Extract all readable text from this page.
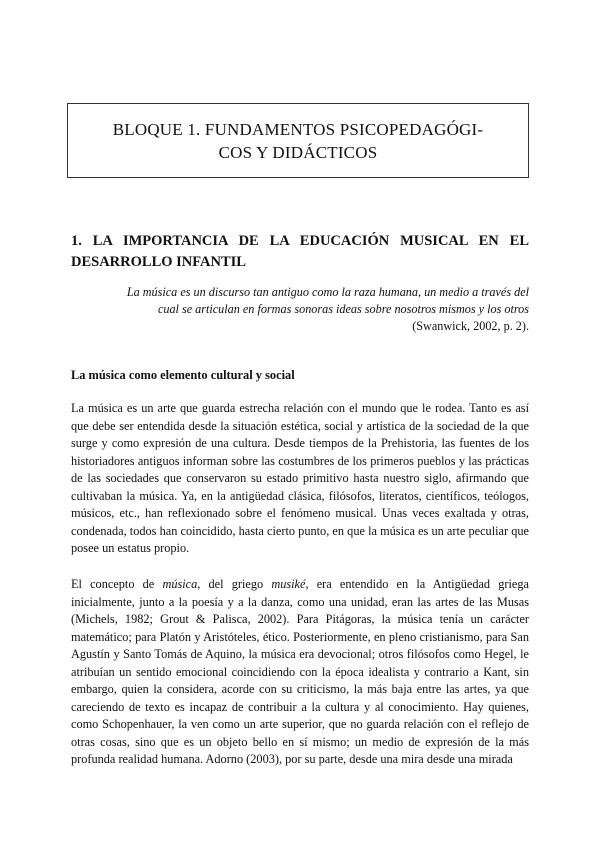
BLOQUE 1. FUNDAMENTOS PSICOPEDAGÓGI-
COS Y DIDÁCTICOS
1. LA IMPORTANCIA DE LA EDUCACIÓN MUSICAL EN EL
DESARROLLO INFANTIL

La música es un discurso tan antiguo como la raza humana, un medio a través del
cual se articulan en formas sonoras ideas sobre nosotros mismos y los otros
(Swanwick, 2002, p. 2).

La música como elemento cultural y social

La música es un arte que guarda estrecha relación con el mundo que le rodea. Tanto es así que debe ser entendida desde la situación estética, social y artística de la sociedad de la que surge y como expresión de una cultura. Desde tiempos de la Prehistoria, las fuentes de los historiadores antiguos informan sobre las costumbres de los primeros pueblos y las prácticas de las sociedades que conservaron su estado primitivo hasta nuestro siglo, afirmando que cultivaban la música. Ya, en la antigüedad clásica, filósofos, literatos, científicos, teólogos, músicos, etc., han reflexionado sobre el fenómeno musical. Unas veces exaltada y otras, condenada, todos han coincidido, hasta cierto punto, en que la música es un arte peculiar que posee un estatus propio.

El concepto de música, del griego musiké, era entendido en la Antigüedad griega inicialmente, junto a la poesía y a la danza, como una unidad, eran las artes de las Musas (Michels, 1982; Grout & Palisca, 2002). Para Pitágoras, la música tenía un carácter matemático; para Platón y Aristóteles, ético. Posteriormente, en pleno cristianismo, para San Agustín y Santo Tomás de Aquino, la música era devocional; otros filósofos como Hegel, le atribuían un sentido emocional coincidiendo con la época idealista y contrario a Kant, sin embargo, quien la considera, acorde con su criticismo, la más baja entre las artes, ya que careciendo de texto es incapaz de contribuir a la cultura y al conocimiento. Hay quienes, como Schopenhauer, la ven como un arte superior, que no guarda relación con el reflejo de otras cosas, sino que es un objeto bello en sí mismo; un medio de expresión de la más profunda realidad humana. Adorno (2003), por su parte, desde una mira desde una mirada
